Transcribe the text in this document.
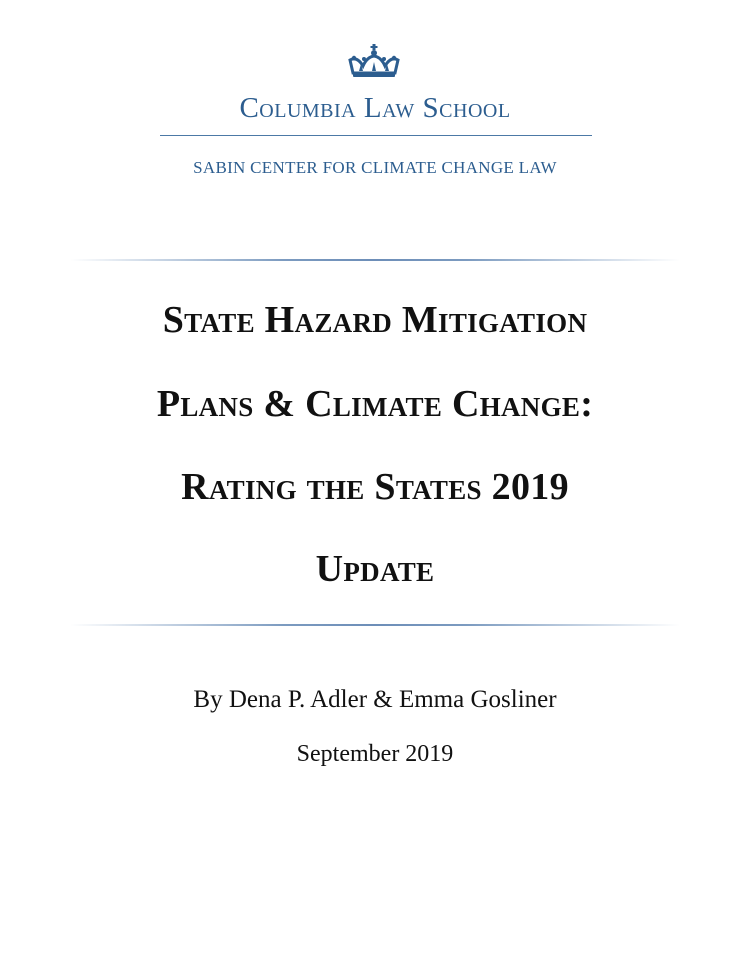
Columbia Law School
SABIN CENTER FOR CLIMATE CHANGE LAW
State Hazard Mitigation
Plans & Climate Change:
Rating the States 2019
Update
By Dena P. Adler & Emma Gosliner
September 2019
